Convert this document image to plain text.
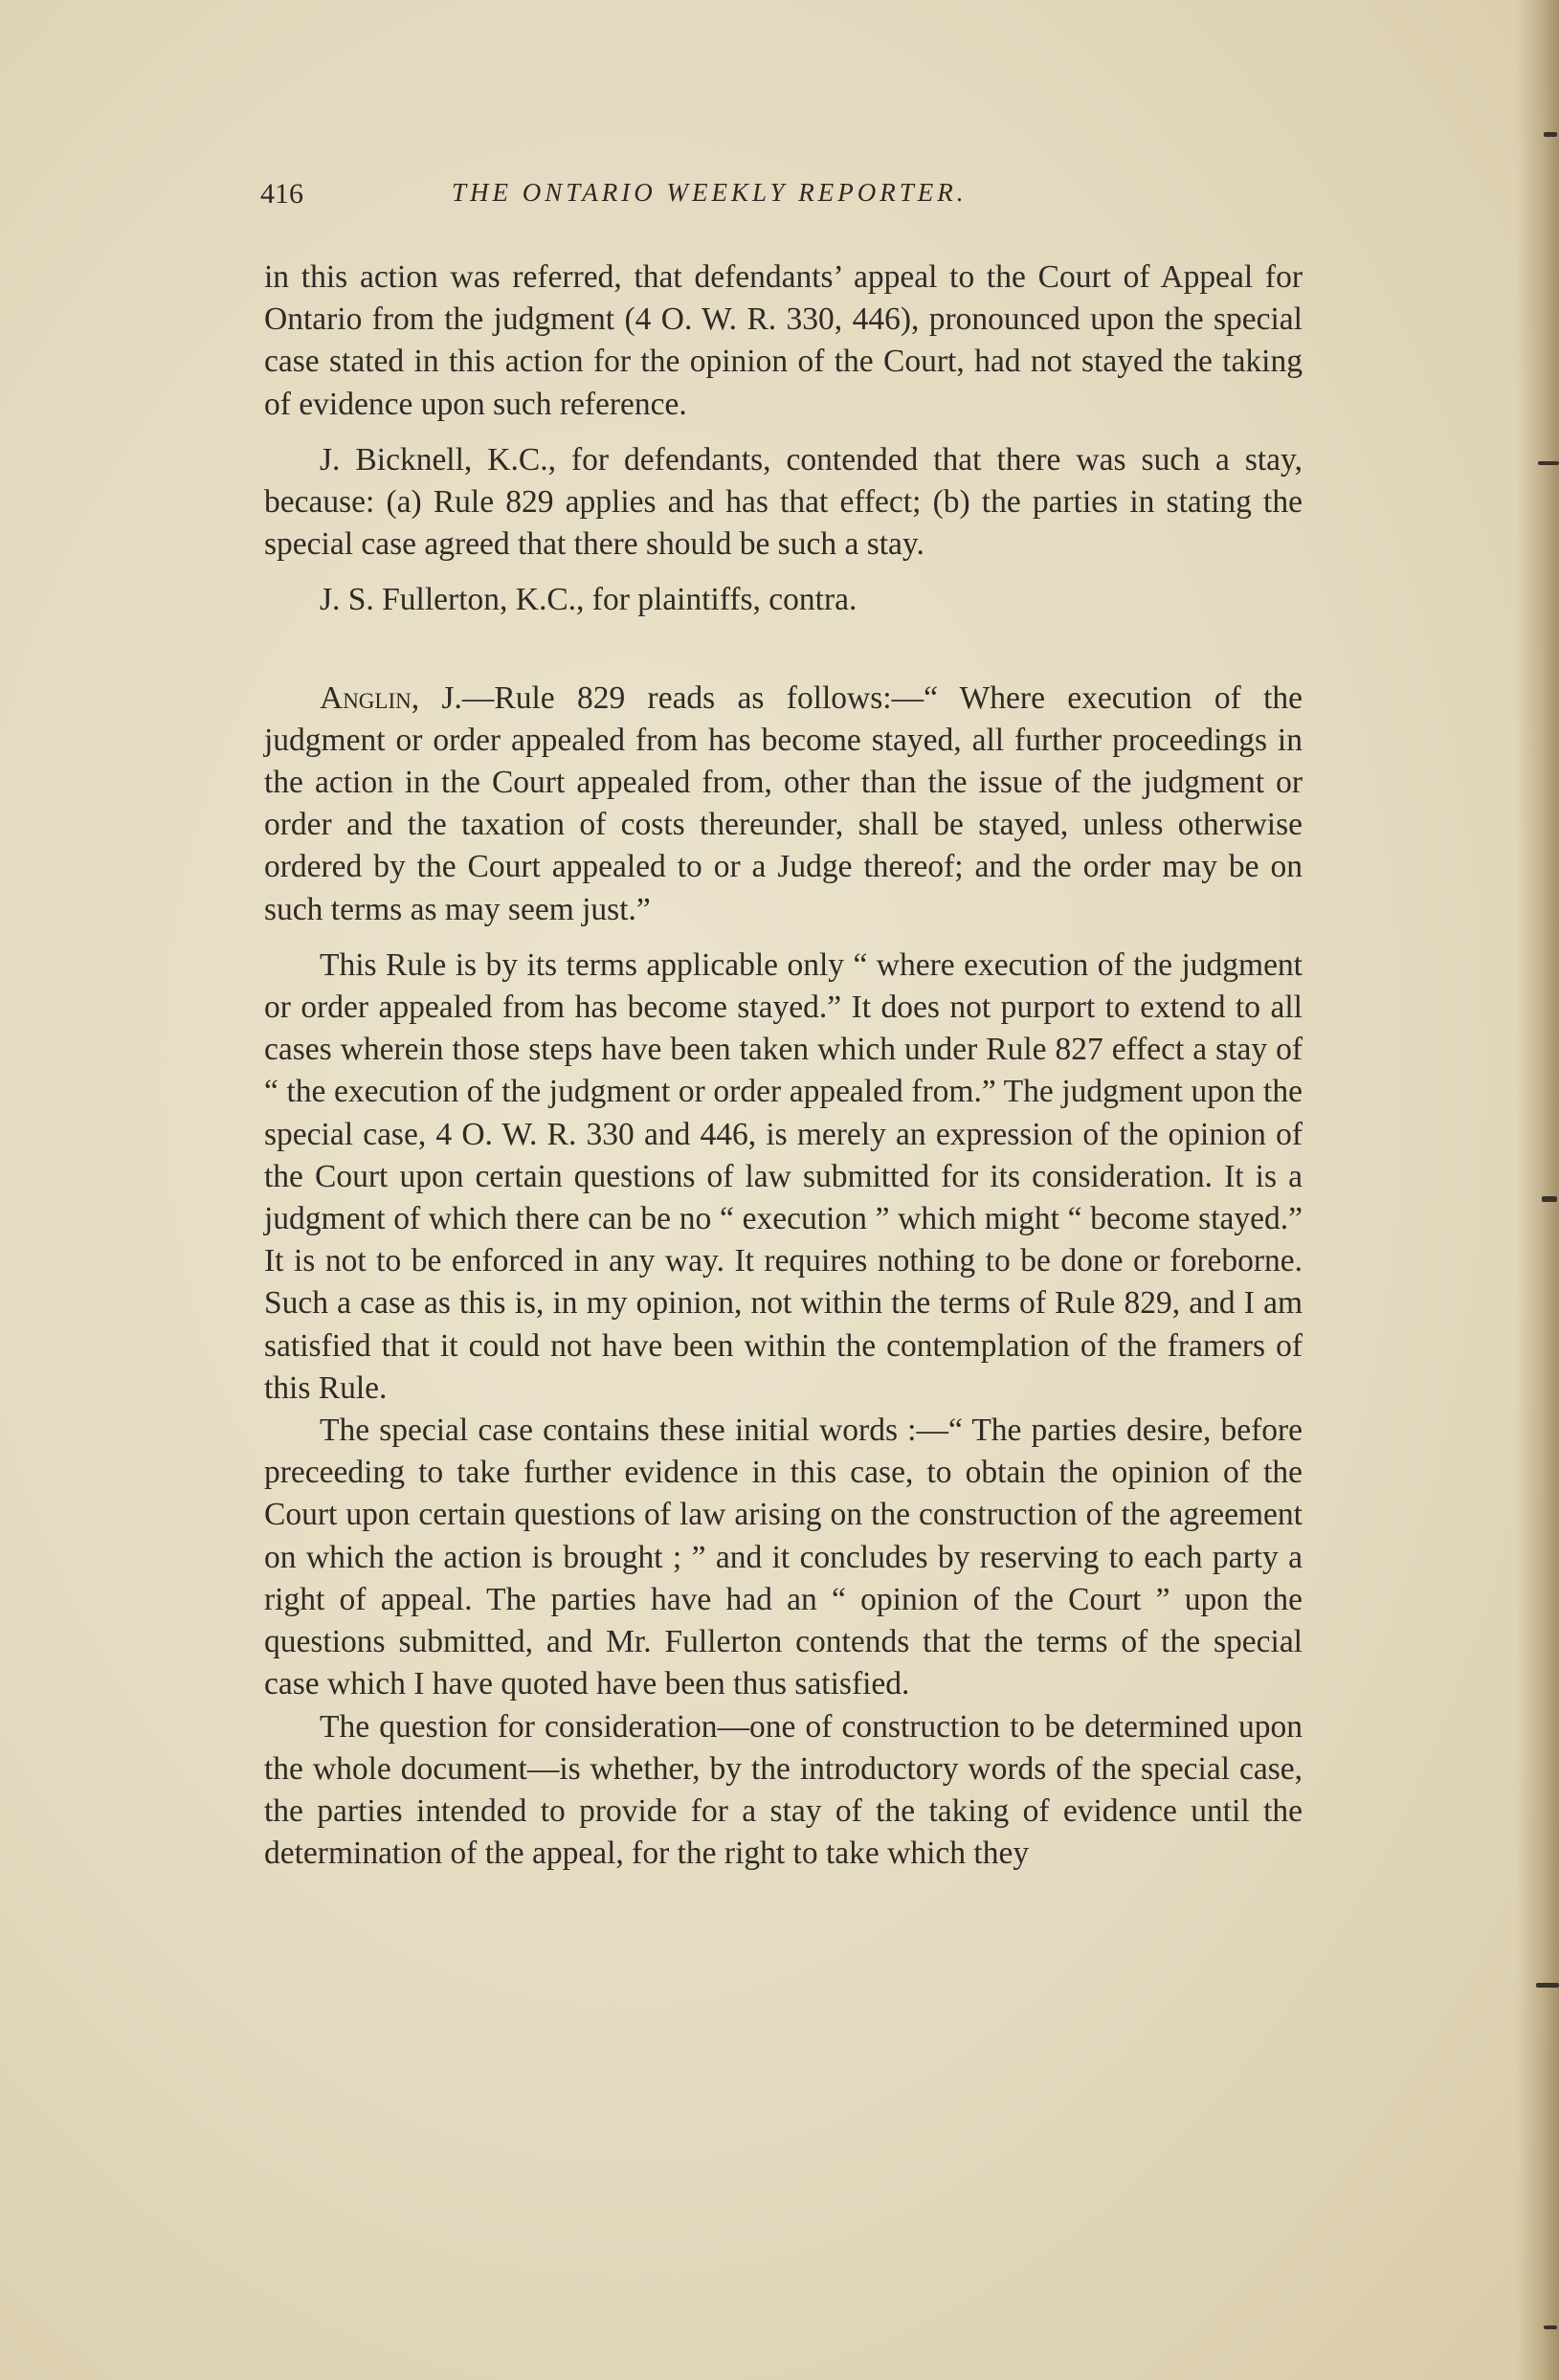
416	THE ONTARIO WEEKLY REPORTER.

in this action was referred, that defendants’ appeal to the Court of Appeal for Ontario from the judgment (4 O. W. R. 330, 446), pronounced upon the special case stated in this action for the opinion of the Court, had not stayed the taking of evidence upon such reference.

J. Bicknell, K.C., for defendants, contended that there was such a stay, because: (a) Rule 829 applies and has that effect; (b) the parties in stating the special case agreed that there should be such a stay.

J. S. Fullerton, K.C., for plaintiffs, contra.

Anglin, J.—Rule 829 reads as follows:—“ Where execution of the judgment or order appealed from has become stayed, all further proceedings in the action in the Court appealed from, other than the issue of the judgment or order and the taxation of costs thereunder, shall be stayed, unless otherwise ordered by the Court appealed to or a Judge thereof; and the order may be on such terms as may seem just.”

This Rule is by its terms applicable only “ where execution of the judgment or order appealed from has become stayed.” It does not purport to extend to all cases wherein those steps have been taken which under Rule 827 effect a stay of “ the execution of the judgment or order appealed from.” The judgment upon the special case, 4 O. W. R. 330 and 446, is merely an expression of the opinion of the Court upon certain questions of law submitted for its consideration. It is a judgment of which there can be no “ execution ” which might “ become stayed.” It is not to be enforced in any way. It requires nothing to be done or foreborne. Such a case as this is, in my opinion, not within the terms of Rule 829, and I am satisfied that it could not have been within the contemplation of the framers of this Rule.

The special case contains these initial words :—“ The parties desire, before preceeding to take further evidence in this case, to obtain the opinion of the Court upon certain questions of law arising on the construction of the agreement on which the action is brought ; ” and it concludes by reserving to each party a right of appeal. The parties have had an “ opinion of the Court ” upon the questions submitted, and Mr. Fullerton contends that the terms of the special case which I have quoted have been thus satisfied.

The question for consideration—one of construction to be determined upon the whole document—is whether, by the introductory words of the special case, the parties intended to provide for a stay of the taking of evidence until the determination of the appeal, for the right to take which they
